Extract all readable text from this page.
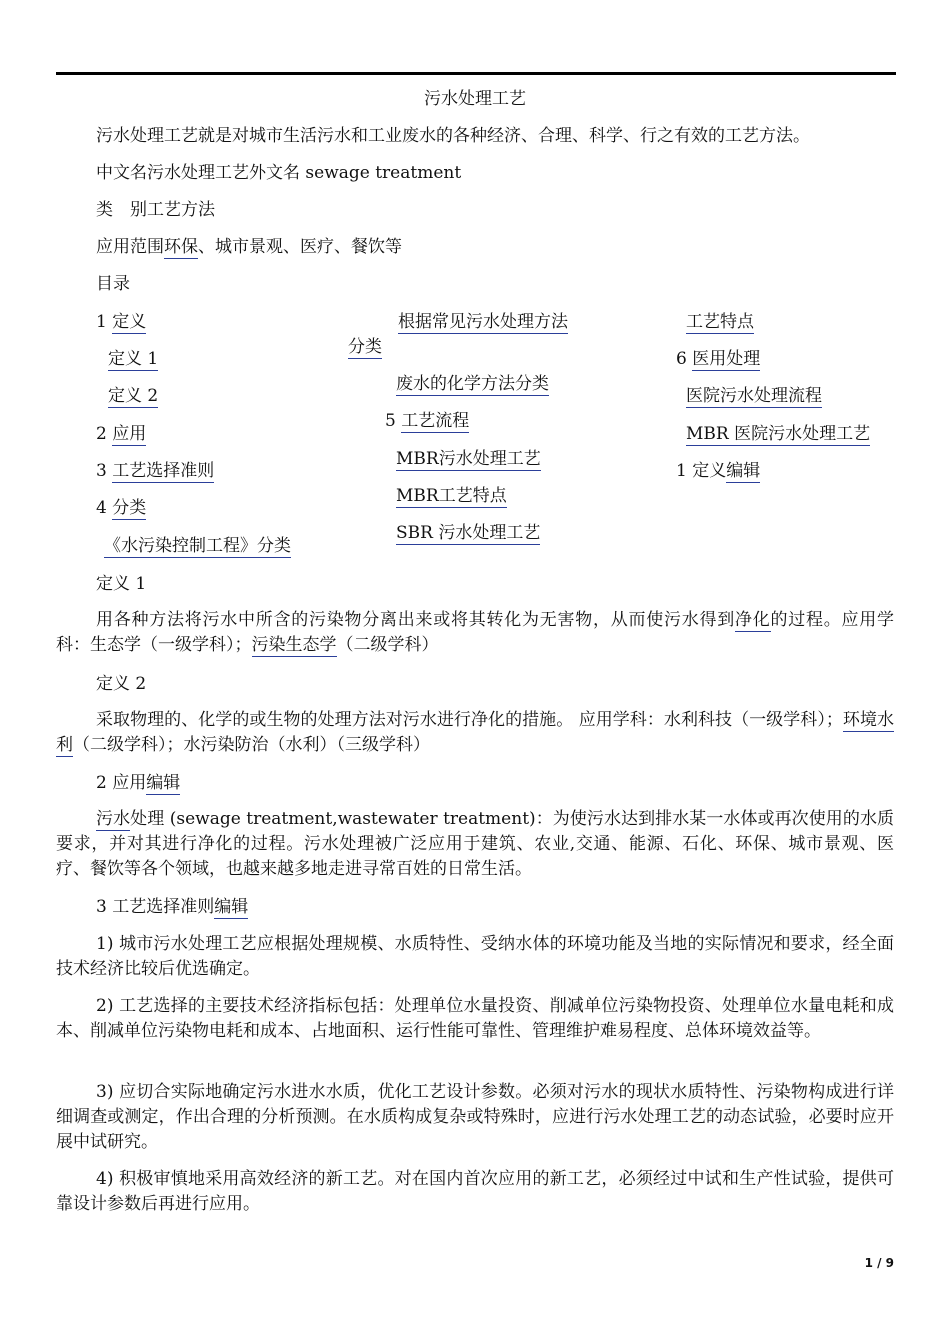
污水处理工艺
污水处理工艺就是对城市生活污水和工业废水的各种经济、合理、科学、行之有效的工艺方法。
中文名污水处理工艺外文名 sewage treatment
类　别工艺方法
应用范围环保、城市景观、医疗、餐饮等
目录
1 定义
定义 1
定义 2
2 应用
3 工艺选择准则
4 分类
《水污染控制工程》分类
分类
根据常见污水处理方法
废水的化学方法分类
5 工艺流程
MBR污水处理工艺
MBR工艺特点
SBR 污水处理工艺
工艺特点
6 医用处理
医院污水处理流程
MBR 医院污水处理工艺
1 定义编辑
定义 1
用各种方法将污水中所含的污染物分离出来或将其转化为无害物，从而使污水得到净化的过程。应用学科：生态学（一级学科）；污染生态学（二级学科）
定义 2
采取物理的、化学的或生物的处理方法对污水进行净化的措施。 应用学科：水利科技（一级学科）；环境水利（二级学科）；水污染防治（水利）（三级学科）
2 应用编辑
污水处理 (sewage treatment,wastewater treatment)：为使污水达到排水某一水体或再次使用的水质要求，并对其进行净化的过程。污水处理被广泛应用于建筑、农业,交通、能源、石化、环保、城市景观、医疗、餐饮等各个领域，也越来越多地走进寻常百姓的日常生活。
3 工艺选择准则编辑
1) 城市污水处理工艺应根据处理规模、水质特性、受纳水体的环境功能及当地的实际情况和要求，经全面技术经济比较后优选确定。
2) 工艺选择的主要技术经济指标包括：处理单位水量投资、削减单位污染物投资、处理单位水量电耗和成本、削减单位污染物电耗和成本、占地面积、运行性能可靠性、管理维护难易程度、总体环境效益等。
3) 应切合实际地确定污水进水水质，优化工艺设计参数。必须对污水的现状水质特性、污染物构成进行详细调查或测定，作出合理的分析预测。在水质构成复杂或特殊时，应进行污水处理工艺的动态试验，必要时应开展中试研究。
4) 积极审慎地采用高效经济的新工艺。对在国内首次应用的新工艺，必须经过中试和生产性试验，提供可靠设计参数后再进行应用。
1 / 9
